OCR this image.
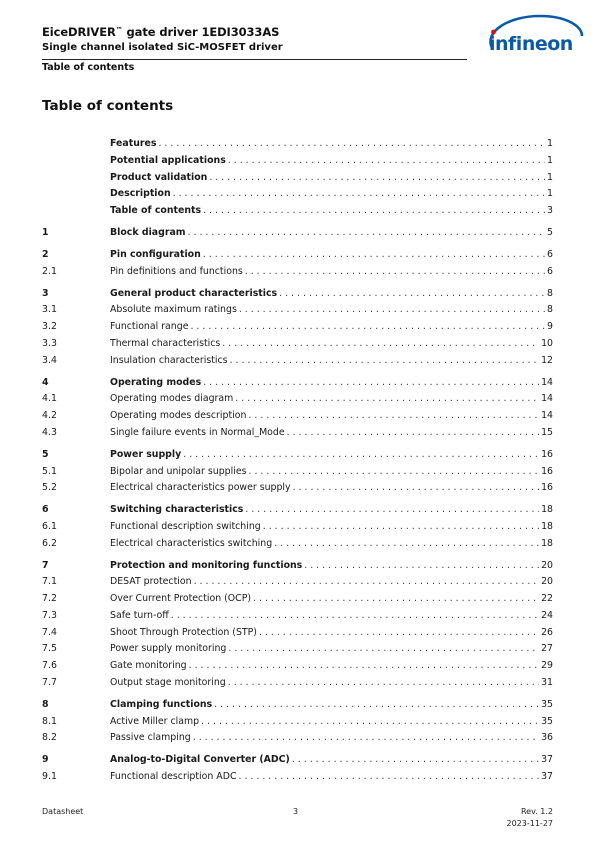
EiceDRIVER™ gate driver 1EDI3033AS
Single channel isolated SiC-MOSFET driver
Table of contents
infineon
Table of contents
Features . . .	1
Potential applications . . .	1
Product validation . . .	1
Description . . .	1
Table of contents . . .	3
1	Block diagram . . .	5
2	Pin configuration . . .	6
2.1	Pin definitions and functions . . .	6
3	General product characteristics . . .	8
3.1	Absolute maximum ratings . . .	8
3.2	Functional range . . .	9
3.3	Thermal characteristics . . .	10
3.4	Insulation characteristics . . .	12
4	Operating modes . . .	14
4.1	Operating modes diagram . . .	14
4.2	Operating modes description . . .	14
4.3	Single failure events in Normal_Mode . . .	15
5	Power supply . . .	16
5.1	Bipolar and unipolar supplies . . .	16
5.2	Electrical characteristics power supply . . .	16
6	Switching characteristics . . .	18
6.1	Functional description switching . . .	18
6.2	Electrical characteristics switching . . .	18
7	Protection and monitoring functions . . .	20
7.1	DESAT protection . . .	20
7.2	Over Current Protection (OCP) . . .	22
7.3	Safe turn-off . . .	24
7.4	Shoot Through Protection (STP) . . .	26
7.5	Power supply monitoring . . .	27
7.6	Gate monitoring . . .	29
7.7	Output stage monitoring . . .	31
8	Clamping functions . . .	35
8.1	Active Miller clamp . . .	35
8.2	Passive clamping . . .	36
9	Analog-to-Digital Converter (ADC) . . .	37
9.1	Functional description ADC . . .	37
Datasheet	3	Rev. 1.2
2023-11-27
